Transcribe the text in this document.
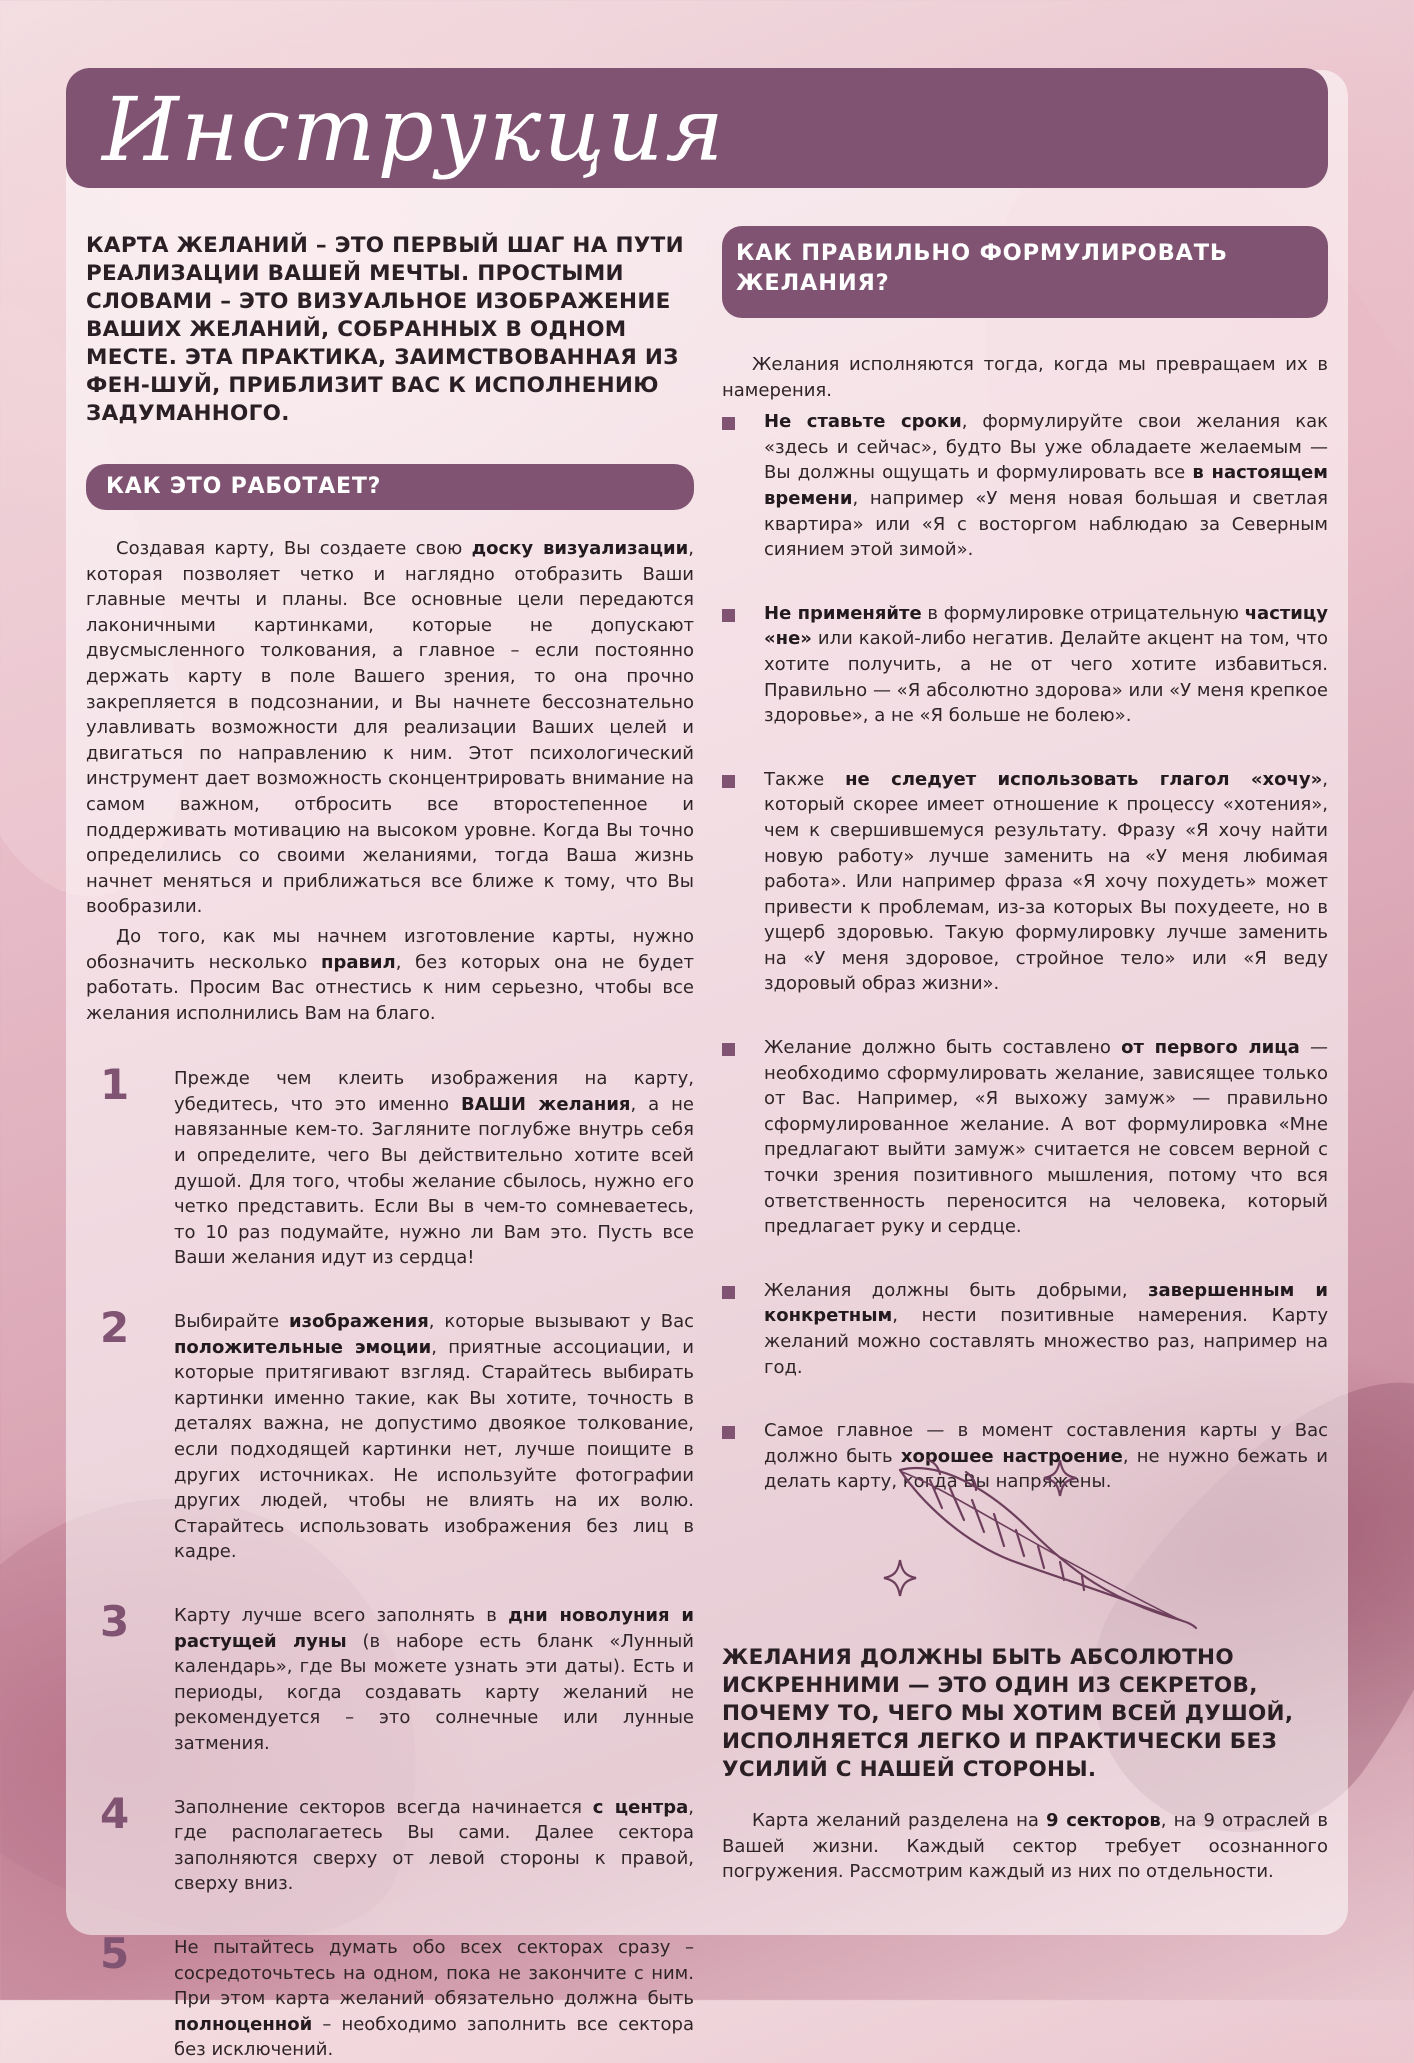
Инструкция

КАРТА ЖЕЛАНИЙ – ЭТО ПЕРВЫЙ ШАГ НА ПУТИ РЕАЛИЗАЦИИ ВАШЕЙ МЕЧТЫ. ПРОСТЫМИ СЛОВАМИ – ЭТО ВИЗУАЛЬНОЕ ИЗОБРАЖЕНИЕ ВАШИХ ЖЕЛАНИЙ, СОБРАННЫХ В ОДНОМ МЕСТЕ. ЭТА ПРАКТИКА, ЗАИМСТВОВАННАЯ ИЗ ФЕН-ШУЙ, ПРИБЛИЗИТ ВАС К ИСПОЛНЕНИЮ ЗАДУМАННОГО.

КАК ЭТО РАБОТАЕТ?

Создавая карту, Вы создаете свою доску визуализации, которая позволяет четко и наглядно отобразить Ваши главные мечты и планы. Все основные цели передаются лаконичными картинками, которые не допускают двусмысленного толкования, а главное – если постоянно держать карту в поле Вашего зрения, то она прочно закрепляется в подсознании, и Вы начнете бессознательно улавливать возможности для реализации Ваших целей и двигаться по направлению к ним. Этот психологический инструмент дает возможность сконцентрировать внимание на самом важном, отбросить все второстепенное и поддерживать мотивацию на высоком уровне. Когда Вы точно определились со своими желаниями, тогда Ваша жизнь начнет меняться и приближаться все ближе к тому, что Вы вообразили.

До того, как мы начнем изготовление карты, нужно обозначить несколько правил, без которых она не будет работать. Просим Вас отнестись к ним серьезно, чтобы все желания исполнились Вам на благо.

1 Прежде чем клеить изображения на карту, убедитесь, что это именно ВАШИ желания, а не навязанные кем-то. Загляните поглубже внутрь себя и определите, чего Вы действительно хотите всей душой. Для того, чтобы желание сбылось, нужно его четко представить. Если Вы в чем-то сомневаетесь, то 10 раз подумайте, нужно ли Вам это. Пусть все Ваши желания идут из сердца!

2 Выбирайте изображения, которые вызывают у Вас положительные эмоции, приятные ассоциации, и которые притягивают взгляд. Старайтесь выбирать картинки именно такие, как Вы хотите, точность в деталях важна, не допустимо двоякое толкование, если подходящей картинки нет, лучше поищите в других источниках. Не используйте фотографии других людей, чтобы не влиять на их волю. Старайтесь использовать изображения без лиц в кадре.

3 Карту лучше всего заполнять в дни новолуния и растущей луны (в наборе есть бланк «Лунный календарь», где Вы можете узнать эти даты). Есть и периоды, когда создавать карту желаний не рекомендуется – это солнечные или лунные затмения.

4 Заполнение секторов всегда начинается с центра, где располагаетесь Вы сами. Далее сектора заполняются сверху от левой стороны к правой, сверху вниз.

5 Не пытайтесь думать обо всех секторах сразу – сосредоточьтесь на одном, пока не закончите с ним. При этом карта желаний обязательно должна быть полноценной – необходимо заполнить все сектора без исключений.

КАК ПРАВИЛЬНО ФОРМУЛИРОВАТЬ ЖЕЛАНИЯ?

Желания исполняются тогда, когда мы превращаем их в намерения.

Не ставьте сроки, формулируйте свои желания как «здесь и сейчас», будто Вы уже обладаете желаемым — Вы должны ощущать и формулировать все в настоящем времени, например «У меня новая большая и светлая квартира» или «Я с восторгом наблюдаю за Северным сиянием этой зимой».

Не применяйте в формулировке отрицательную частицу «не» или какой-либо негатив. Делайте акцент на том, что хотите получить, а не от чего хотите избавиться. Правильно — «Я абсолютно здорова» или «У меня крепкое здоровье», а не «Я больше не болею».

Также не следует использовать глагол «хочу», который скорее имеет отношение к процессу «хотения», чем к свершившемуся результату. Фразу «Я хочу найти новую работу» лучше заменить на «У меня любимая работа». Или например фраза «Я хочу похудеть» может привести к проблемам, из-за которых Вы похудеете, но в ущерб здоровью. Такую формулировку лучше заменить на «У меня здоровое, стройное тело» или «Я веду здоровый образ жизни».

Желание должно быть составлено от первого лица — необходимо сформулировать желание, зависящее только от Вас. Например, «Я выхожу замуж» — правильно сформулированное желание. А вот формулировка «Мне предлагают выйти замуж» считается не совсем верной с точки зрения позитивного мышления, потому что вся ответственность переносится на человека, который предлагает руку и сердце.

Желания должны быть добрыми, завершенным и конкретным, нести позитивные намерения. Карту желаний можно составлять множество раз, например на год.

Самое главное — в момент составления карты у Вас должно быть хорошее настроение, не нужно бежать и делать карту, когда Вы напряжены.

ЖЕЛАНИЯ ДОЛЖНЫ БЫТЬ АБСОЛЮТНО ИСКРЕННИМИ — ЭТО ОДИН ИЗ СЕКРЕТОВ, ПОЧЕМУ ТО, ЧЕГО МЫ ХОТИМ ВСЕЙ ДУШОЙ, ИСПОЛНЯЕТСЯ ЛЕГКО И ПРАКТИЧЕСКИ БЕЗ УСИЛИЙ С НАШЕЙ СТОРОНЫ.

Карта желаний разделена на 9 секторов, на 9 отраслей в Вашей жизни. Каждый сектор требует осознанного погружения. Рассмотрим каждый из них по отдельности.
